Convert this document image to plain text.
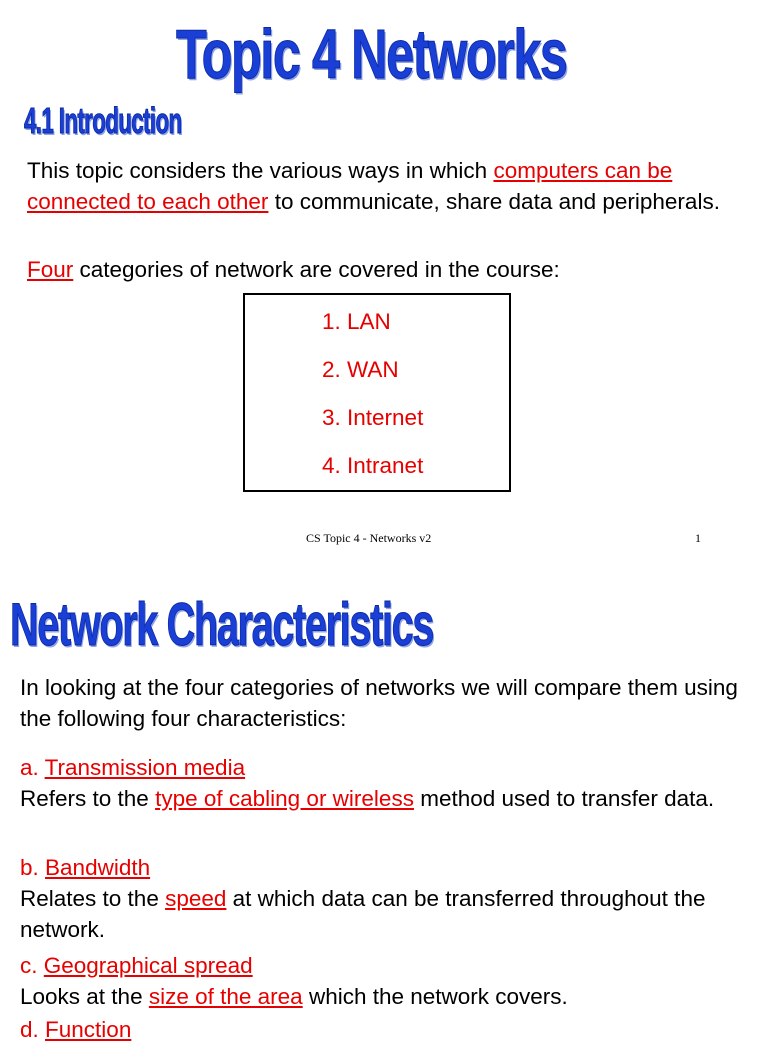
Topic 4 Networks
4.1 Introduction

This topic considers the various ways in which computers can be connected to each other to communicate, share data and peripherals.

Four categories of network are covered in the course:

1. LAN
2. WAN
3. Internet
4. Intranet
CS Topic 4 - Networks v2	1
Network Characteristics

In looking at the four categories of networks we will compare them using the following four characteristics:

a. Transmission media

Refers to the type of cabling or wireless method used to transfer data.

b. Bandwidth

Relates to the speed at which data can be transferred throughout the network.

c. Geographical spread

Looks at the size of the area which the network covers.

d. Function
